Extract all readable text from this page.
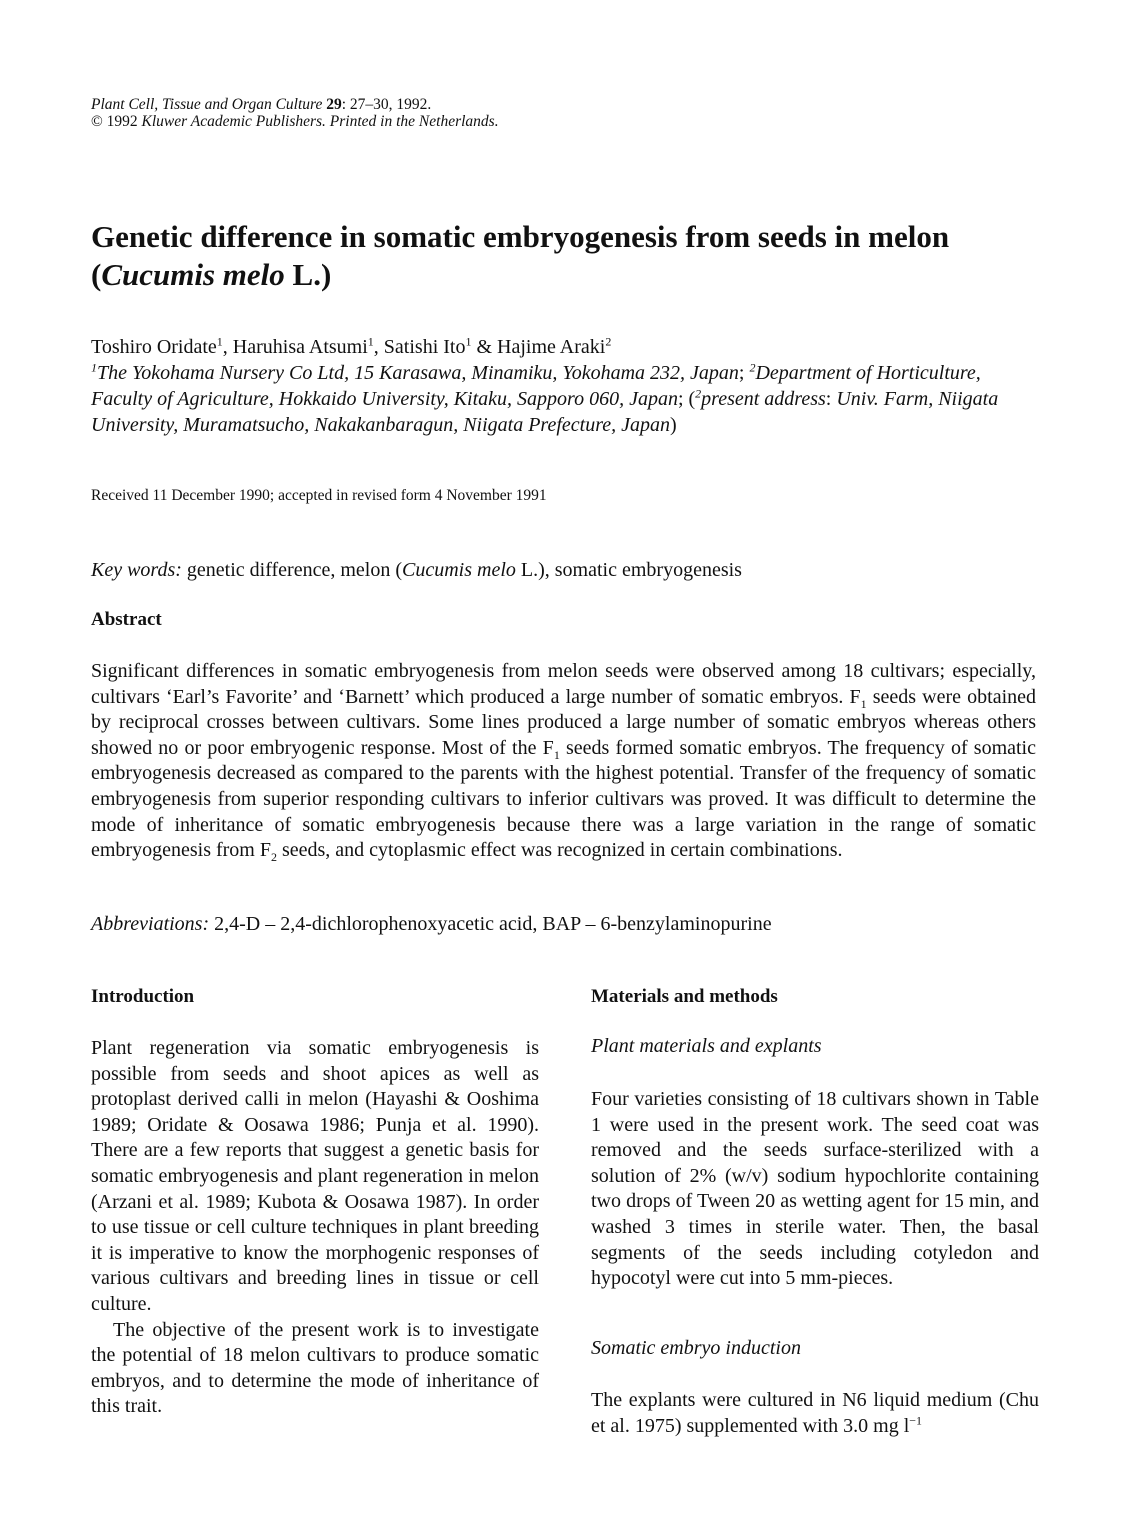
Plant Cell, Tissue and Organ Culture 29: 27–30, 1992.
© 1992 Kluwer Academic Publishers. Printed in the Netherlands.
Genetic difference in somatic embryogenesis from seeds in melon
(Cucumis melo L.)
Toshiro Oridate$^1$, Haruhisa Atsumi$^1$, Satishi Ito$^1$ & Hajime Araki$^2$
$^1$The Yokohama Nursery Co Ltd, 15 Karasawa, Minamiku, Yokohama 232, Japan; $^2$Department of Horticulture, Faculty of Agriculture, Hokkaido University, Kitaku, Sapporo 060, Japan; ($^2$present address: Univ. Farm, Niigata University, Muramatsucho, Nakakanbaragun, Niigata Prefecture, Japan)
Received 11 December 1990; accepted in revised form 4 November 1991
Key words: genetic difference, melon (Cucumis melo L.), somatic embryogenesis
Abstract

Significant differences in somatic embryogenesis from melon seeds were observed among 18 cultivars; especially, cultivars ‘Earl’s Favorite’ and ‘Barnett’ which produced a large number of somatic embryos. $F_1$ seeds were obtained by reciprocal crosses between cultivars. Some lines produced a large number of somatic embryos whereas others showed no or poor embryogenic response. Most of the $F_1$ seeds formed somatic embryos. The frequency of somatic embryogenesis decreased as compared to the parents with the highest potential. Transfer of the frequency of somatic embryogenesis from superior responding cultivars to inferior cultivars was proved. It was difficult to determine the mode of inheritance of somatic embryogenesis because there was a large variation in the range of somatic embryogenesis from $F_2$ seeds, and cytoplasmic effect was recognized in certain combinations.

Abbreviations: 2,4-D – 2,4-dichlorophenoxyacetic acid, BAP – 6-benzylaminopurine
Introduction

Plant regeneration via somatic embryogenesis is possible from seeds and shoot apices as well as protoplast derived calli in melon (Hayashi & Ooshima 1989; Oridate & Oosawa 1986; Punja et al. 1990). There are a few reports that suggest a genetic basis for somatic embryogenesis and plant regeneration in melon (Arzani et al. 1989; Kubota & Oosawa 1987). In order to use tissue or cell culture techniques in plant breeding it is imperative to know the morphogenic responses of various cultivars and breeding lines in tissue or cell culture.

The objective of the present work is to investigate the potential of 18 melon cultivars to produce somatic embryos, and to determine the mode of inheritance of this trait.

Materials and methods
Plant materials and explants

Four varieties consisting of 18 cultivars shown in Table 1 were used in the present work. The seed coat was removed and the seeds surface-sterilized with a solution of 2% (w/v) sodium hypochlorite containing two drops of Tween 20 as wetting agent for 15 min, and washed 3 times in sterile water. Then, the basal segments of the seeds including cotyledon and hypocotyl were cut into 5 mm-pieces.

Somatic embryo induction

The explants were cultured in N6 liquid medium (Chu et al. 1975) supplemented with 3.0 mg $l^{-1}$
